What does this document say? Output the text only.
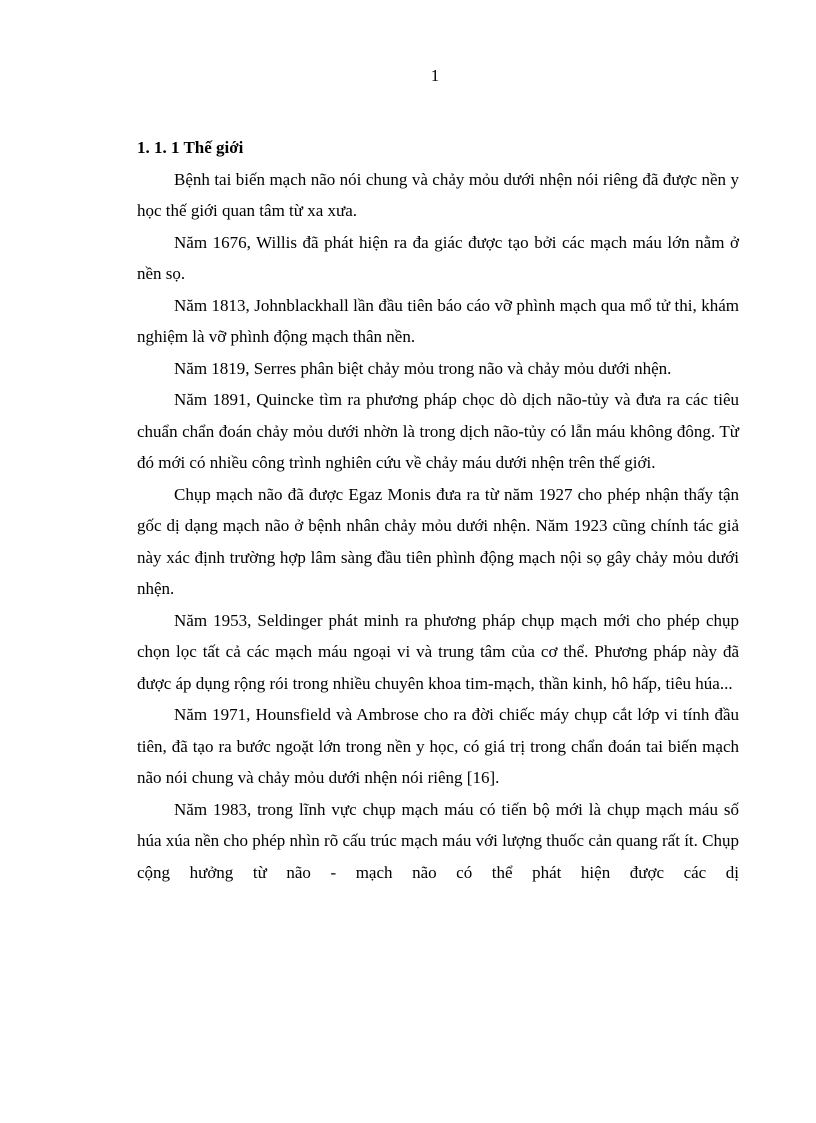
1

1. 1. 1 Thế giới

Bệnh tai biến mạch não nói chung và chảy mỏu dưới nhện nói riêng đã được nền y học thế giới quan tâm từ xa xưa.

Năm 1676, Willis đã phát hiện ra đa giác được tạo bởi các mạch máu lớn nằm ở nền sọ.

Năm 1813, Johnblackhall lần đầu tiên báo cáo vỡ phình mạch qua mổ tử thi, khám nghiệm là vỡ phình động mạch thân nền.

Năm 1819, Serres phân biệt chảy mỏu trong não và chảy mỏu dưới nhện.

Năm 1891, Quincke tìm ra phương pháp chọc dò dịch não-tủy và đưa ra các tiêu chuẩn chẩn đoán chảy mỏu dưới nhờn là trong dịch não-tủy có lẫn máu không đông. Từ đó mới có nhiều công trình nghiên cứu về chảy máu dưới nhện trên thế giới.

Chụp mạch não đã được Egaz Monis đưa ra từ năm 1927 cho phép nhận thấy tận gốc dị dạng mạch não ở bệnh nhân chảy mỏu dưới nhện. Năm 1923 cũng chính tác giả này xác định trường hợp lâm sàng đầu tiên phình động mạch nội sọ gây chảy mỏu dưới nhện.

Năm 1953, Seldinger phát minh ra phương pháp chụp mạch mới cho phép chụp chọn lọc tất cả các mạch máu ngoại vi và trung tâm của cơ thể. Phương pháp này đã được áp dụng rộng rói trong nhiều chuyên khoa tim-mạch, thần kinh, hô hấp, tiêu húa...

Năm 1971, Hounsfield và Ambrose cho ra đời chiếc máy chụp cắt lớp vi tính đầu tiên, đã tạo ra bước ngoặt lớn trong nền y học, có giá trị trong chẩn đoán tai biến mạch não nói chung và chảy mỏu dưới nhện nói riêng [16].

Năm 1983, trong lĩnh vực chụp mạch máu có tiến bộ mới là chụp mạch máu số húa xúa nền cho phép nhìn rõ cấu trúc mạch máu với lượng thuốc cản quang rất ít. Chụp cộng hưởng từ não - mạch não có thể phát hiện được các dị
